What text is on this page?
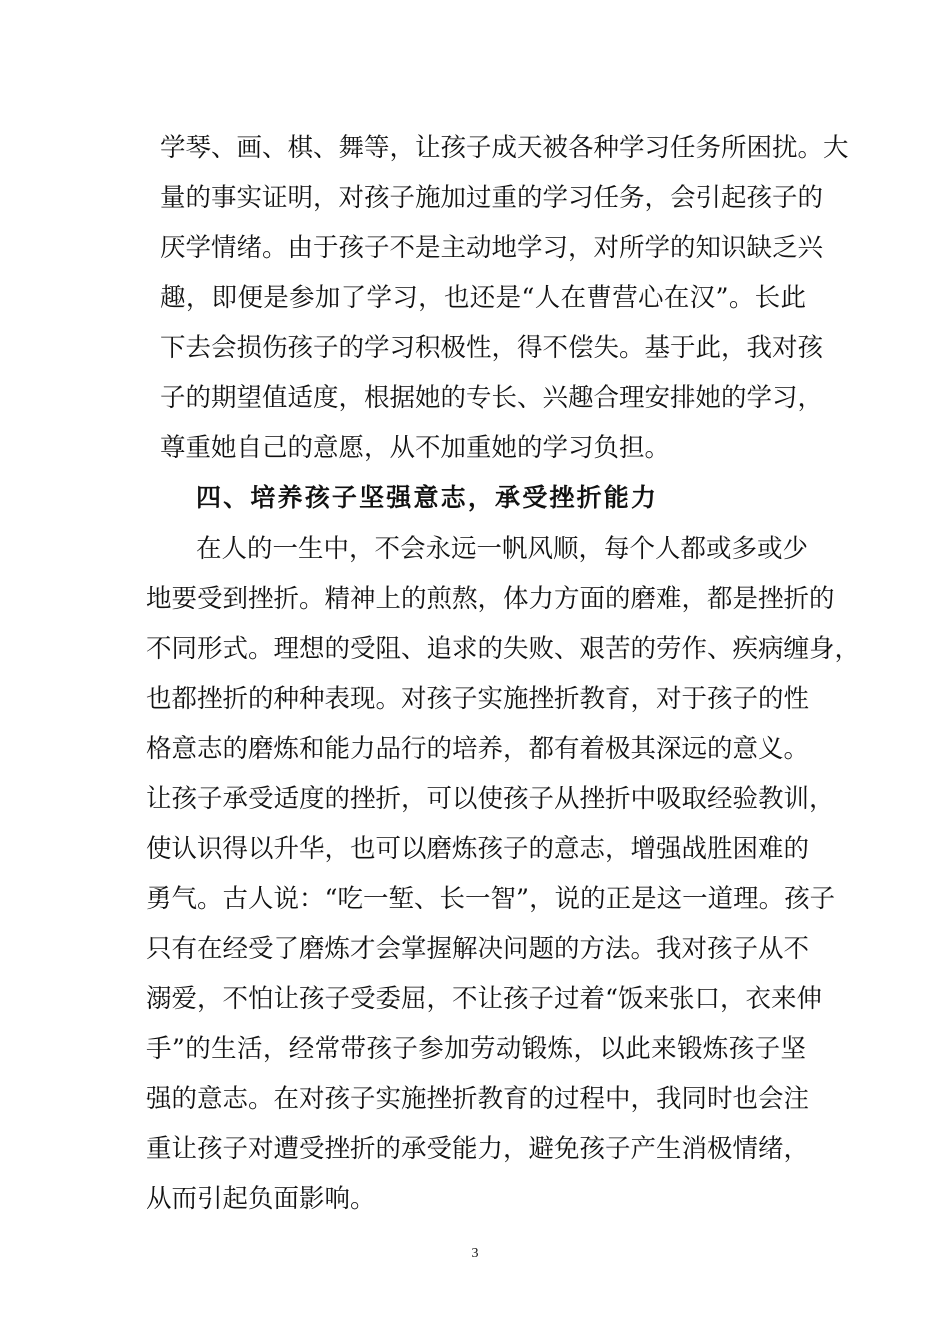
学琴、画、棋、舞等，让孩子成天被各种学习任务所困扰。大
量的事实证明，对孩子施加过重的学习任务，会引起孩子的
厌学情绪。由于孩子不是主动地学习，对所学的知识缺乏兴
趣，即便是参加了学习，也还是“人在曹营心在汉”。长此
下去会损伤孩子的学习积极性，得不偿失。基于此，我对孩
子的期望值适度，根据她的专长、兴趣合理安排她的学习，
尊重她自己的意愿，从不加重她的学习负担。
四、培养孩子坚强意志，承受挫折能力
在人的一生中，不会永远一帆风顺，每个人都或多或少
地要受到挫折。精神上的煎熬，体力方面的磨难，都是挫折的
不同形式。理想的受阻、追求的失败、艰苦的劳作、疾病缠身，
也都挫折的种种表现。对孩子实施挫折教育，对于孩子的性
格意志的磨炼和能力品行的培养，都有着极其深远的意义。
让孩子承受适度的挫折，可以使孩子从挫折中吸取经验教训，
使认识得以升华，也可以磨炼孩子的意志，增强战胜困难的
勇气。古人说：“吃一堑、长一智”，说的正是这一道理。孩子
只有在经受了磨炼才会掌握解决问题的方法。我对孩子从不
溺爱，不怕让孩子受委屈，不让孩子过着“饭来张口，衣来伸
手”的生活，经常带孩子参加劳动锻炼，以此来锻炼孩子坚
强的意志。在对孩子实施挫折教育的过程中，我同时也会注
重让孩子对遭受挫折的承受能力，避免孩子产生消极情绪，
从而引起负面影响。
3
